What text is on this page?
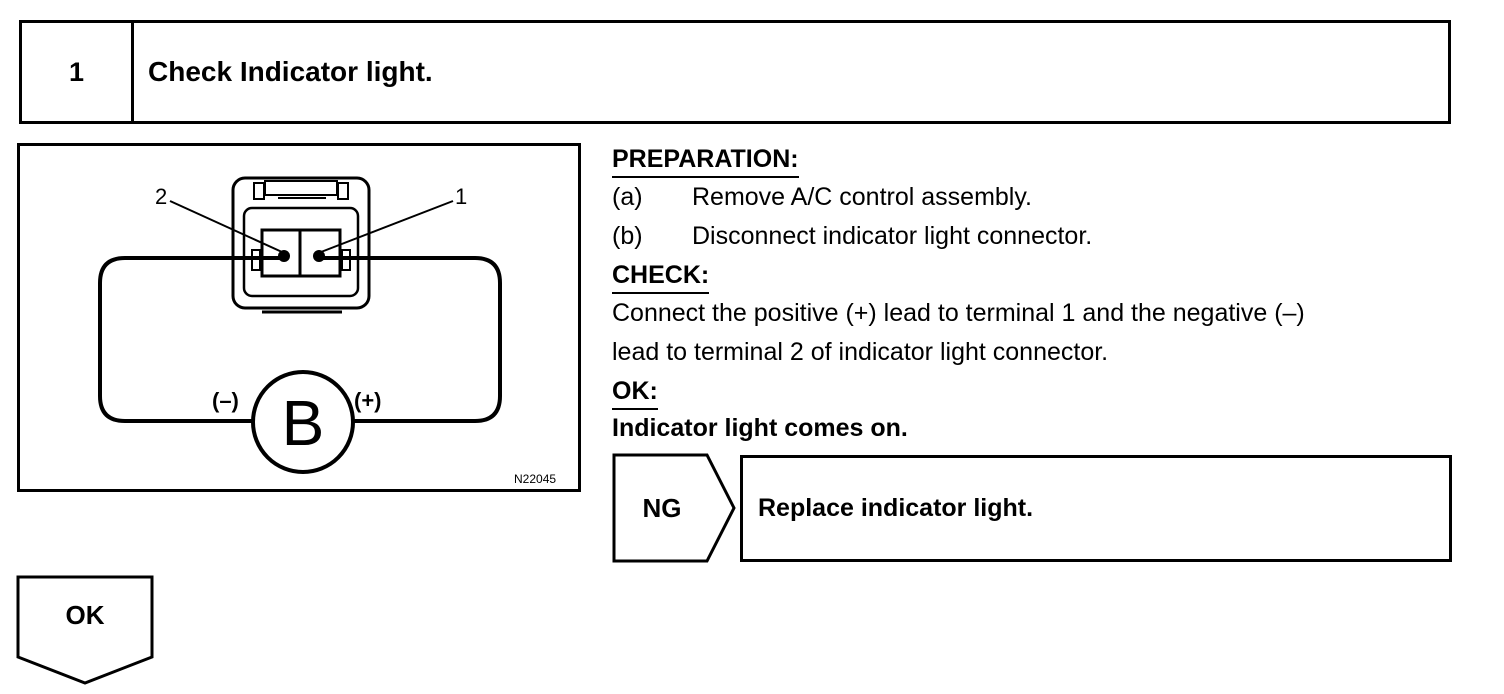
1	Check Indicator light.
2	1
(–)	(+)
B
N22045
PREPARATION:
(a)	Remove A/C control assembly.
(b)	Disconnect indicator light connector.
CHECK:
Connect the positive (+) lead to terminal 1 and the negative (–)
lead to terminal 2 of indicator light connector.
OK:
Indicator light comes on.
NG	Replace indicator light.
OK
